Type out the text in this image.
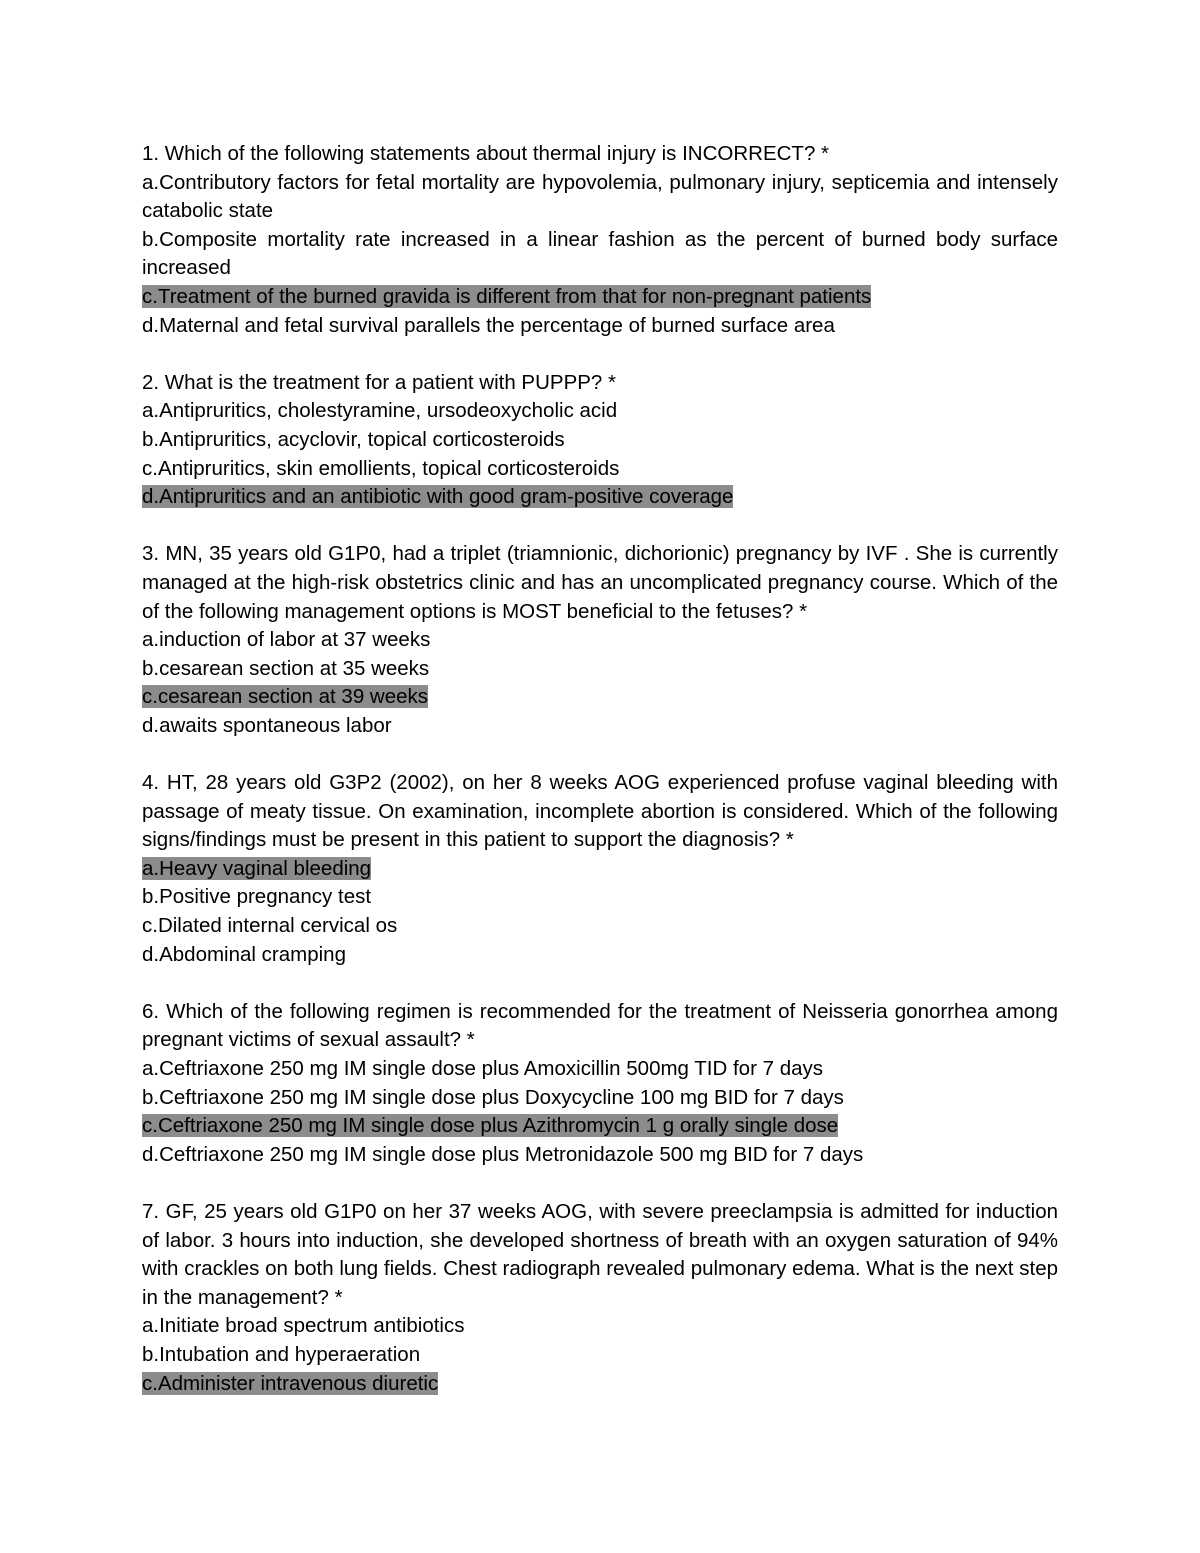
1. Which of the following statements about thermal injury is INCORRECT? *

a.Contributory factors for fetal mortality are hypovolemia, pulmonary injury, septicemia and intensely catabolic state

b.Composite mortality rate increased in a linear fashion as the percent of burned body surface increased

c.Treatment of the burned gravida is different from that for non-pregnant patients

d.Maternal and fetal survival parallels the percentage of burned surface area

2. What is the treatment for a patient with PUPPP? *

a.Antipruritics, cholestyramine, ursodeoxycholic acid

b.Antipruritics, acyclovir, topical corticosteroids

c.Antipruritics, skin emollients, topical corticosteroids

d.Antipruritics and an antibiotic with good gram-positive coverage

3. MN, 35 years old G1P0, had a triplet (triamnionic, dichorionic) pregnancy by IVF . She is currently managed at the high-risk obstetrics clinic and has an uncomplicated pregnancy course. Which of the of the following management options is MOST beneficial to the fetuses? *

a.induction of labor at 37 weeks

b.cesarean section at 35 weeks

c.cesarean section at 39 weeks

d.awaits spontaneous labor

4. HT, 28 years old G3P2 (2002), on her 8 weeks AOG experienced profuse vaginal bleeding with passage of meaty tissue. On examination, incomplete abortion is considered. Which of the following signs/findings must be present in this patient to support the diagnosis? *

a.Heavy vaginal bleeding

b.Positive pregnancy test

c.Dilated internal cervical os

d.Abdominal cramping

6. Which of the following regimen is recommended for the treatment of Neisseria gonorrhea among pregnant victims of sexual assault? *

a.Ceftriaxone 250 mg IM single dose plus Amoxicillin 500mg TID for 7 days

b.Ceftriaxone 250 mg IM single dose plus Doxycycline 100 mg BID for 7 days

c.Ceftriaxone 250 mg IM single dose plus Azithromycin 1 g orally single dose

d.Ceftriaxone 250 mg IM single dose plus Metronidazole 500 mg BID for 7 days

7. GF, 25 years old G1P0 on her 37 weeks AOG, with severe preeclampsia is admitted for induction of labor. 3 hours into induction, she developed shortness of breath with an oxygen saturation of 94% with crackles on both lung fields. Chest radiograph revealed pulmonary edema. What is the next step in the management? *

a.Initiate broad spectrum antibiotics

b.Intubation and hyperaeration

c.Administer intravenous diuretic
